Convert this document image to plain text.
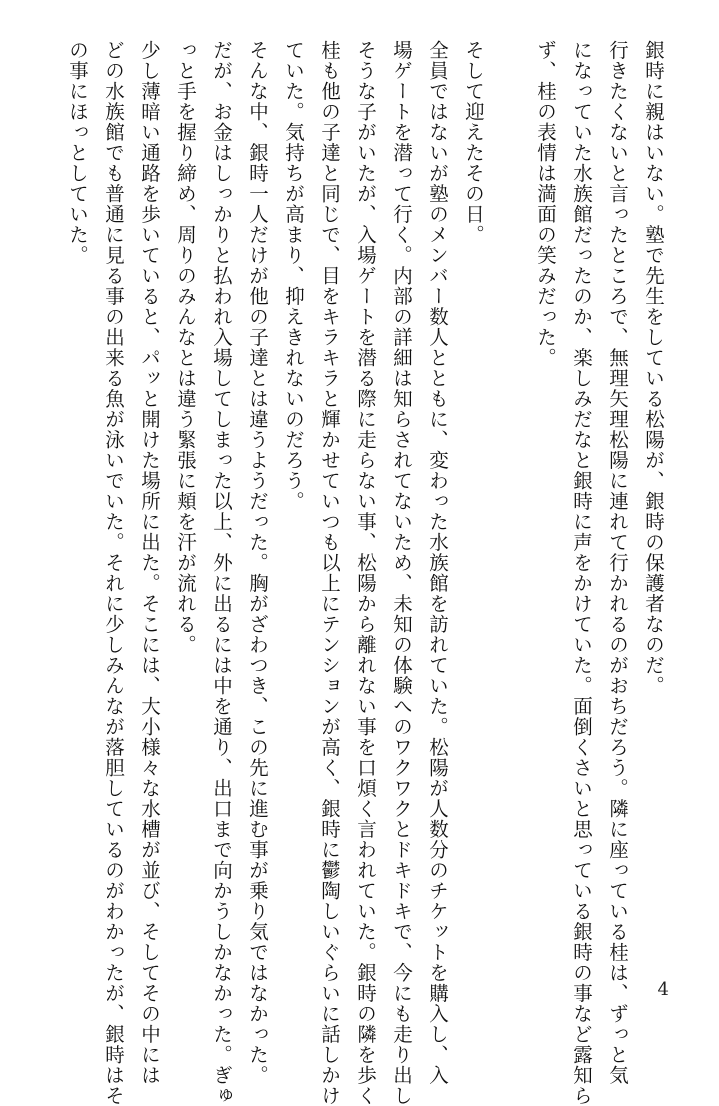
銀時に親はいない。塾で先生をしている松陽が、銀時の保護者なのだ。
行きたくないと言ったところで、無理矢理松陽に連れて行かれるのがおちだろう。隣に座っている桂は、ずっと気
になっていた水族館だったのか、楽しみだなと銀時に声をかけていた。面倒くさいと思っている銀時の事など露知ら
ず、桂の表情は満面の笑みだった。
そして迎えたその日。
全員ではないが塾のメンバー数人とともに、変わった水族館を訪れていた。松陽が人数分のチケットを購入し、入
場ゲートを潜って行く。内部の詳細は知らされてないため、未知の体験へのワクワクとドキドキで、今にも走り出し
そうな子がいたが、入場ゲートを潜る際に走らない事、松陽から離れない事を口煩く言われていた。銀時の隣を歩く
桂も他の子達と同じで、目をキラキラと輝かせていつも以上にテンションが高く、銀時に鬱陶しいぐらいに話しかけ
ていた。気持ちが高まり、抑えきれないのだろう。
そんな中、銀時一人だけが他の子達とは違うようだった。胸がざわつき、この先に進む事が乗り気ではなかった。
だが、お金はしっかりと払われ入場してしまった以上、外に出るには中を通り、出口まで向かうしかなかった。ぎゅ
っと手を握り締め、周りのみんなとは違う緊張に頬を汗が流れる。
少し薄暗い通路を歩いていると、パッと開けた場所に出た。そこには、大小様々な水槽が並び、そしてその中には
どの水族館でも普通に見る事の出来る魚が泳いでいた。それに少しみんなが落胆しているのがわかったが、銀時はそ
の事にほっとしていた。
4
